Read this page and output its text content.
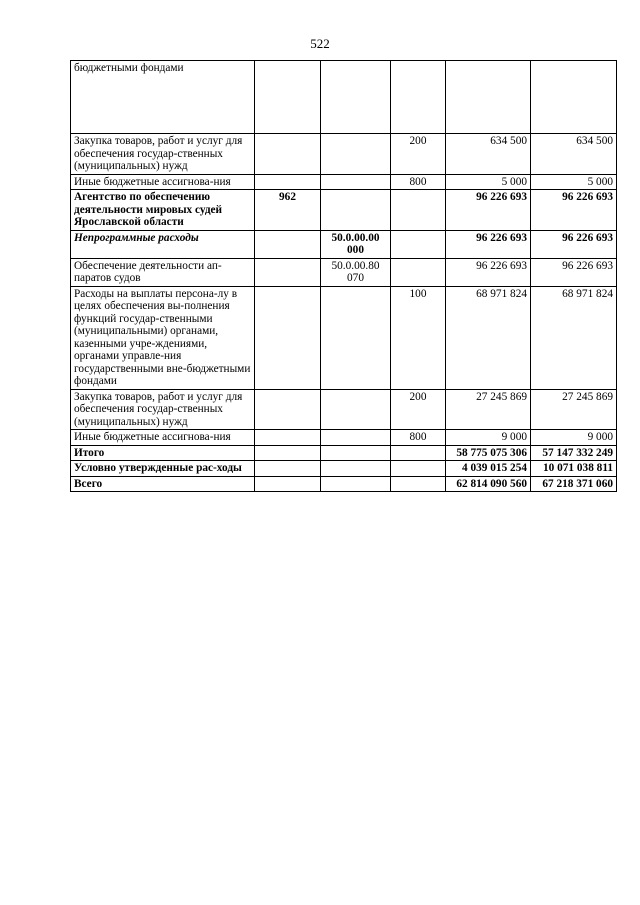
522
бюджетными фондами					
Закупка товаров, работ и услуг для обеспечения государ-ственных (муниципальных) нужд			200	634 500	634 500
Иные бюджетные ассигнова-ния			800	5 000	5 000
Агентство по обеспечению деятельности мировых судей Ярославской области	962			96 226 693	96 226 693
Непрограммные расходы		50.0.00.00 000		96 226 693	96 226 693
Обеспечение деятельности ап-паратов судов		50.0.00.80 070		96 226 693	96 226 693
Расходы на выплаты персона-лу в целях обеспечения вы-полнения функций государ-ственными (муниципальными) органами, казенными учре-ждениями, органами управле-ния государственными вне-бюджетными фондами			100	68 971 824	68 971 824
Закупка товаров, работ и услуг для обеспечения государ-ственных (муниципальных) нужд			200	27 245 869	27 245 869
Иные бюджетные ассигнова-ния			800	9 000	9 000
Итого				58 775 075 306	57 147 332 249
Условно утвержденные рас-ходы				4 039 015 254	10 071 038 811
Всего				62 814 090 560	67 218 371 060
